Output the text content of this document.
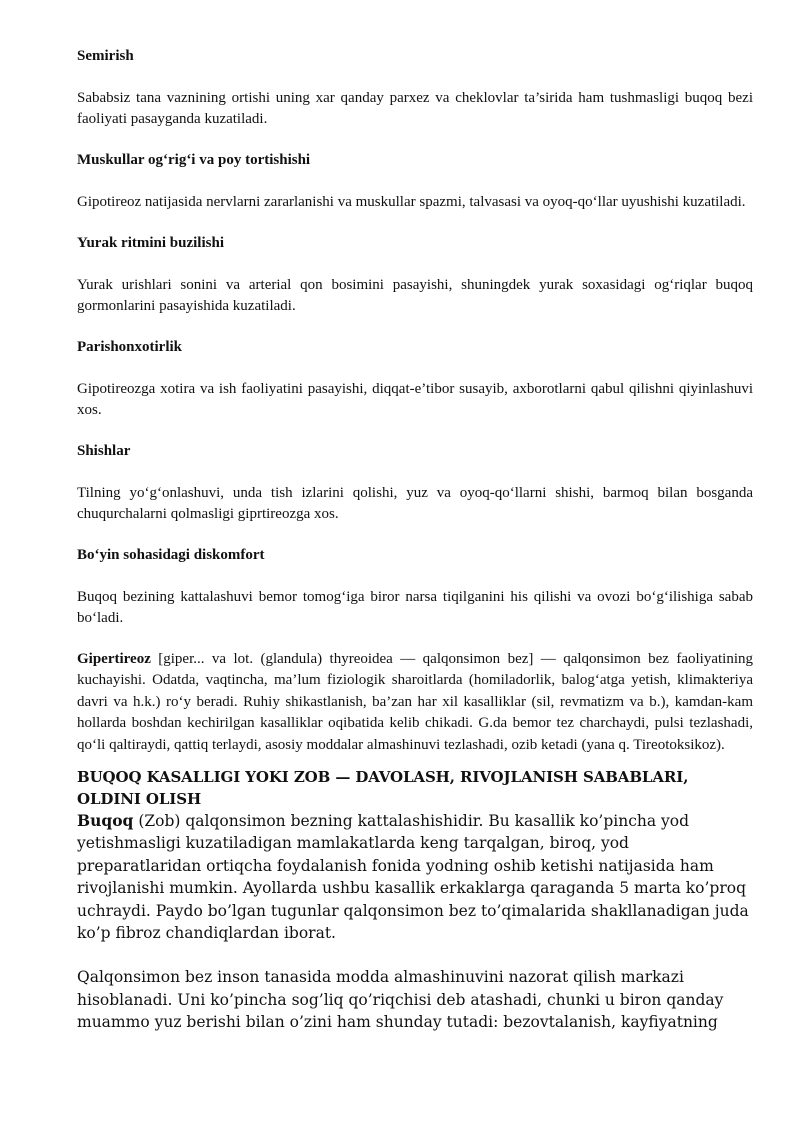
Semirish

Sababsiz tana vaznining ortishi uning xar qanday parxez va cheklovlar ta’sirida ham tushmasligi buqoq bezi faoliyati pasayganda kuzatiladi.

Muskullar og‘rig‘i va poy tortishishi

Gipotireoz natijasida nervlarni zararlanishi va muskullar spazmi, talvasasi va oyoq-qo‘llar uyushishi kuzatiladi.

Yurak ritmini buzilishi

Yurak urishlari sonini va arterial qon bosimini pasayishi, shuningdek yurak soxasidagi og‘riqlar buqoq gormonlarini pasayishida kuzatiladi.

Parishonxotirlik

Gipotireozga xotira va ish faoliyatini pasayishi, diqqat-e’tibor susayib, axborotlarni qabul qilishni qiyinlashuvi xos.

Shishlar

Tilning yo‘g‘onlashuvi, unda tish izlarini qolishi, yuz va oyoq-qo‘llarni shishi, barmoq bilan bosganda chuqurchalarni qolmasligi giprtireozga xos.

Bo‘yin sohasidagi diskomfort

Buqoq bezining kattalashuvi bemor tomog‘iga biror narsa tiqilganini his qilishi va ovozi bo‘g‘ilishiga sabab bo‘ladi.

Gipertireoz [giper... va lot. (glandula) thyreoidea — qalqonsimon bez] — qalqonsimon bez faoliyatining kuchayishi. Odatda, vaqtincha, ma’lum fiziologik sharoitlarda (homiladorlik, balog‘atga yetish, klimakteriya davri va h.k.) ro‘y beradi. Ruhiy shikastlanish, ba’zan har xil kasalliklar (sil, revmatizm va b.), kamdan-kam hollarda boshdan kechirilgan kasalliklar oqibatida kelib chikadi. G.da bemor tez charchaydi, pulsi tezlashadi, qo‘li qaltiraydi, qattiq terlaydi, asosiy moddalar almashinuvi tezlashadi, ozib ketadi (yana q. Tireotoksikoz).

BUQOQ KASALLIGI YOKI ZOB — DAVOLASH, RIVOJLANISH SABABLARI, OLDINI OLISH

Buqoq (Zob) qalqonsimon bezning kattalashishidir. Bu kasallik ko’pincha yod yetishmasligi kuzatiladigan mamlakatlarda keng tarqalgan, biroq, yod preparatlaridan ortiqcha foydalanish fonida yodning oshib ketishi natijasida ham rivojlanishi mumkin. Ayollarda ushbu kasallik erkaklarga qaraganda 5 marta ko’proq uchraydi. Paydo bo’lgan tugunlar qalqonsimon bez to’qimalarida shakllanadigan juda ko’p fibroz chandiqlardan iborat.

Qalqonsimon bez inson tanasida modda almashinuvini nazorat qilish markazi hisoblanadi. Uni ko’pincha sog’liq qo’riqchisi deb atashadi, chunki u biron qanday muammo yuz berishi bilan o’zini ham shunday tutadi: bezovtalanish, kayfiyatning
